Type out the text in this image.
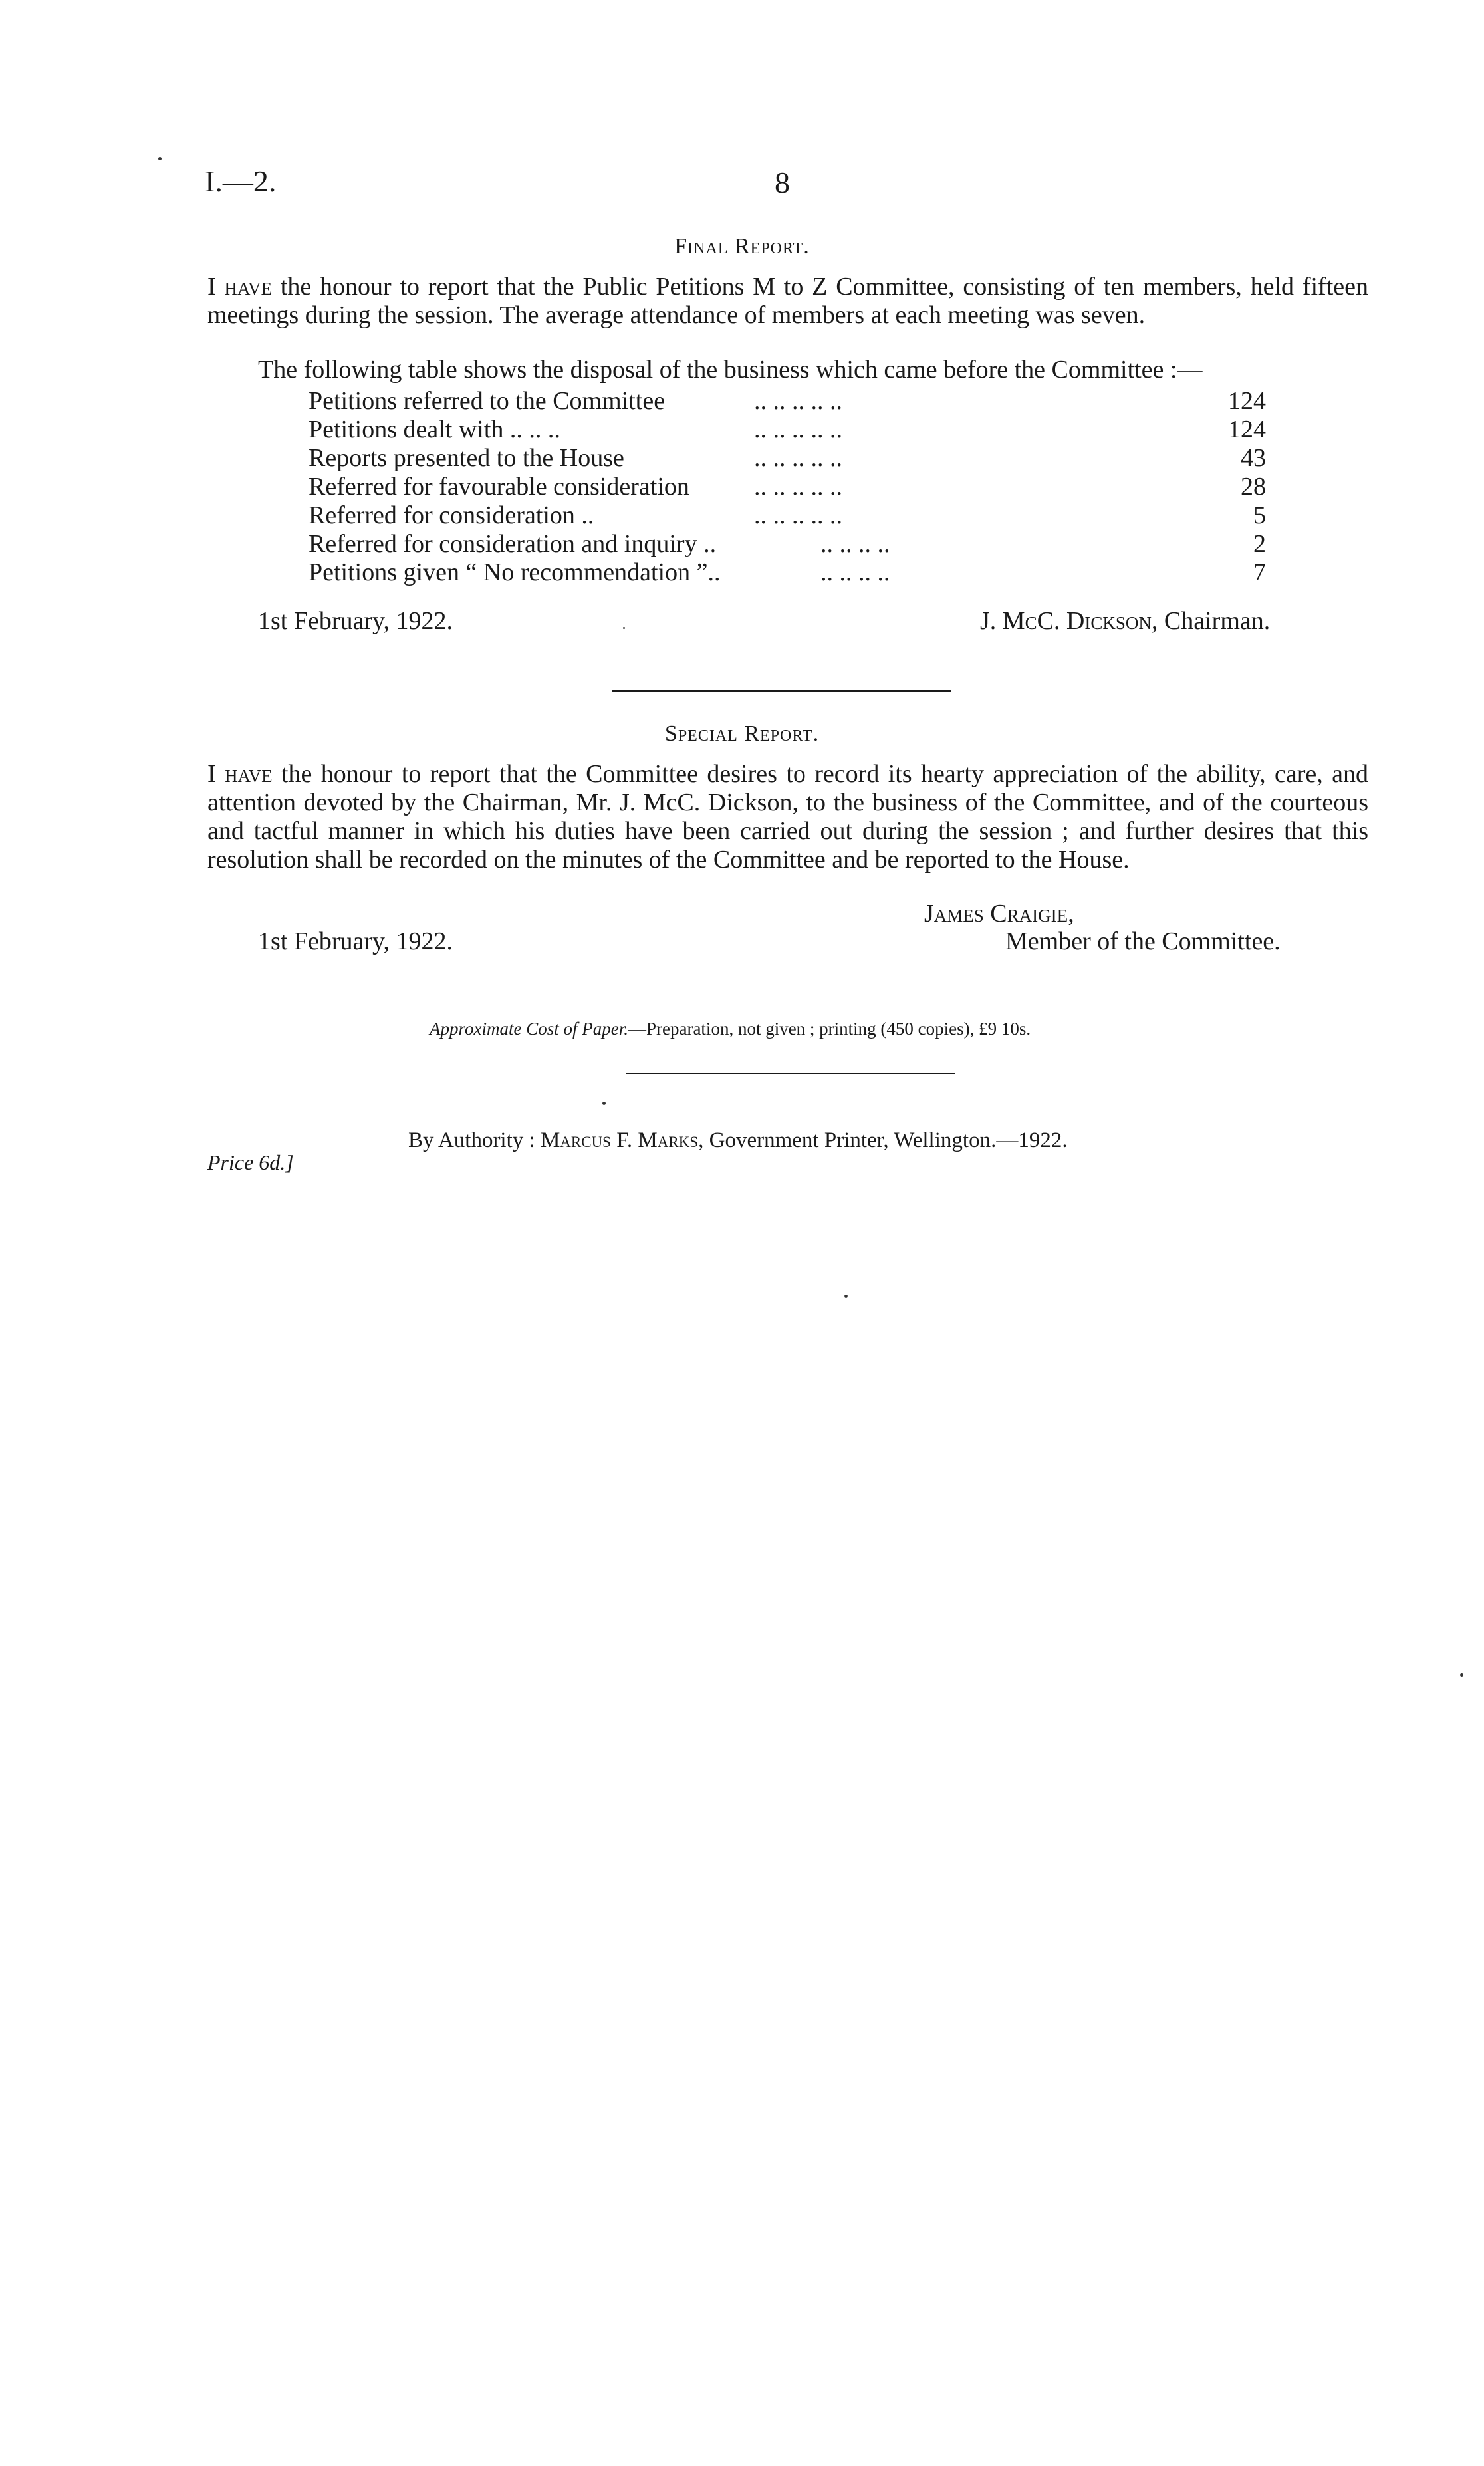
I.—2.	8
Final Report.
I have the honour to report that the Public Petitions M to Z Committee, consisting of ten members, held fifteen meetings during the session. The average attendance of members at each meeting was seven.
The following table shows the disposal of the business which came before the Committee :—
Petitions referred to the Committee	.. .. .. .. ..	124
Petitions dealt with .. .. ..	.. .. .. .. ..	124
Reports presented to the House	.. .. .. .. ..	43
Referred for favourable consideration	.. .. .. .. ..	28
Referred for consideration ..	.. .. .. .. ..	5
Referred for consideration and inquiry ..	.. .. .. ..	2
Petitions given “ No recommendation ”..	.. .. .. ..	7
1st February, 1922.	J. McC. Dickson, Chairman.
Special Report.
I have the honour to report that the Committee desires to record its hearty appreciation of the ability, care, and attention devoted by the Chairman, Mr. J. McC. Dickson, to the business of the Committee, and of the courteous and tactful manner in which his duties have been carried out during the session ; and further desires that this resolution shall be recorded on the minutes of the Committee and be reported to the House.
James Craigie,
Member of the Committee.
1st February, 1922.
Approximate Cost of Paper.—Preparation, not given ; printing (450 copies), £9 10s.
By Authority : Marcus F. Marks, Government Printer, Wellington.—1922.
Price 6d.]
